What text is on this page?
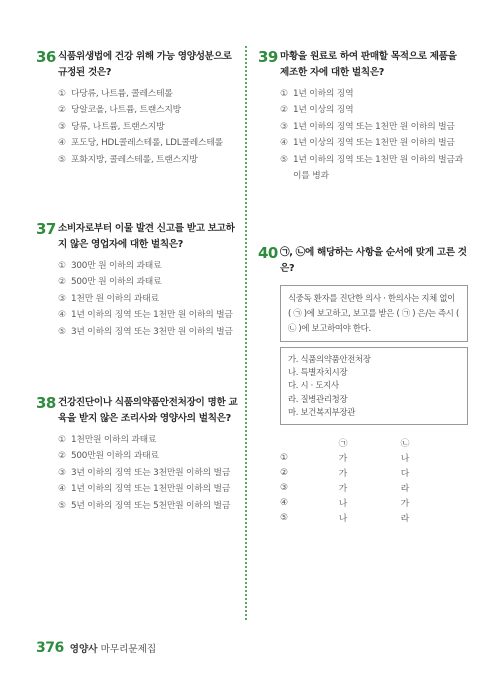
36 식품위생법에 건강 위해 가능 영양성분으로 규정된 것은?
① 다당류, 나트륨, 콜레스테롤
② 당알코올, 나트륨, 트랜스지방
③ 당류, 나트륨, 트랜스지방
④ 포도당, HDL콜레스테롤, LDL콜레스테롤
⑤ 포화지방, 콜레스테롤, 트랜스지방
37 소비자로부터 이물 발견 신고를 받고 보고하지 않은 영업자에 대한 벌칙은?
① 300만 원 이하의 과태료
② 500만 원 이하의 과태료
③ 1천만 원 이하의 과태료
④ 1년 이하의 징역 또는 1천만 원 이하의 벌금
⑤ 3년 이하의 징역 또는 3천만 원 이하의 벌금
38 건강진단이나 식품의약품안전처장이 명한 교육을 받지 않은 조리사와 영양사의 벌칙은?
① 1천만원 이하의 과태료
② 500만원 이하의 과태료
③ 3년 이하의 징역 또는 3천만원 이하의 벌금
④ 1년 이하의 징역 또는 1천만원 이하의 벌금
⑤ 5년 이하의 징역 또는 5천만원 이하의 벌금
39 마황을 원료로 하여 판매할 목적으로 제품을 제조한 자에 대한 벌칙은?
① 1년 이하의 징역
② 1년 이상의 징역
③ 1년 이하의 징역 또는 1천만 원 이하의 벌금
④ 1년 이상의 징역 또는 1천만 원 이하의 벌금
⑤ 1년 이하의 징역 또는 1천만 원 이하의 벌금과 이를 병과
40 ㉠, ㉡에 해당하는 사항을 순서에 맞게 고른 것은?
식중독 환자를 진단한 의사 · 한의사는 지체 없이 ( ㉠ )에 보고하고, 보고를 받은 ( ㉠ ) 은/는 즉시 ( ㉡ )에 보고하여야 한다.
가. 식품의약품안전처장
나. 특별자치시장
다. 시 · 도지사
라. 질병관리청장
마. 보건복지부장관
	㉠	㉡
①	가	나
②	가	다
③	가	라
④	나	가
⑤	나	라
376 영양사 마무리문제집
